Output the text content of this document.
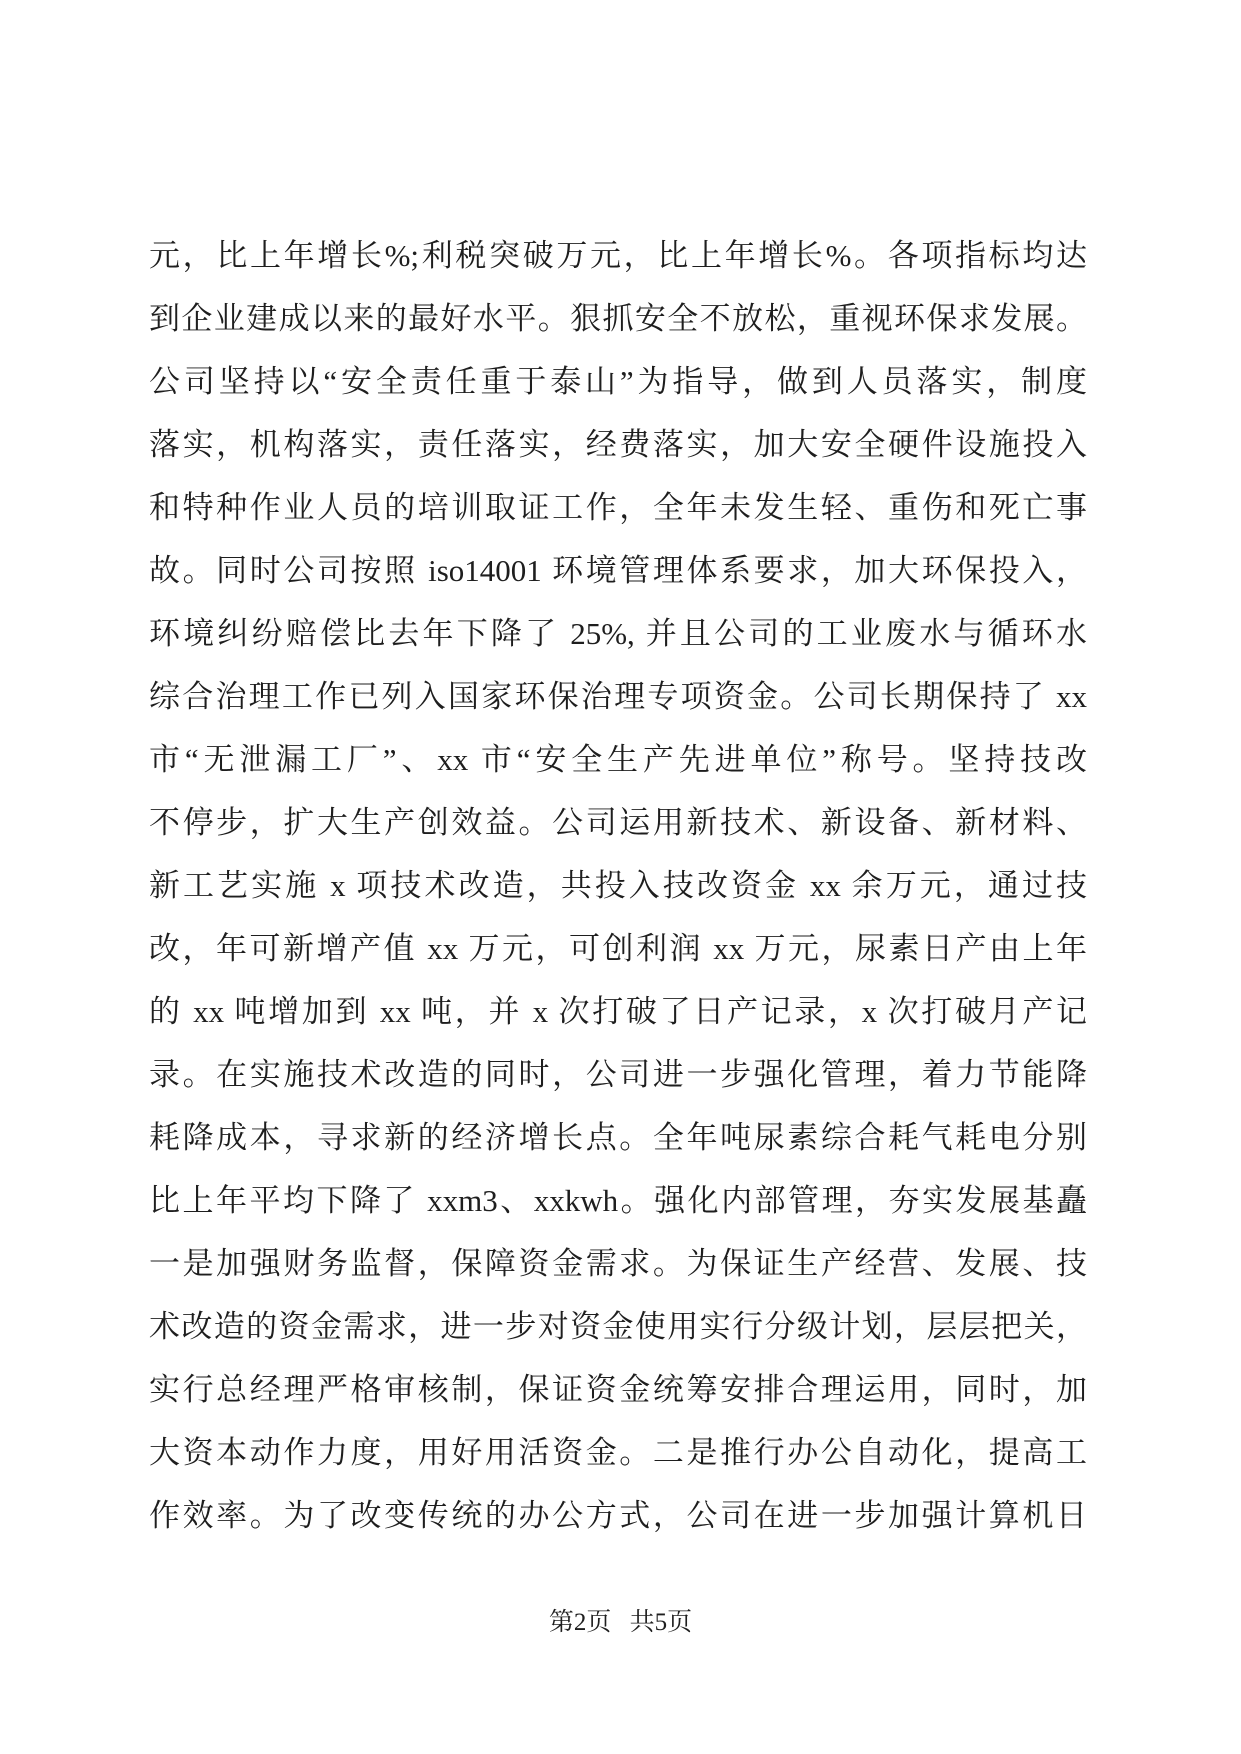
元，比上年增长%;利税突破万元，比上年增长%。各项指标均达
到企业建成以来的最好水平。狠抓安全不放松，重视环保求发展。
公司坚持以“安全责任重于泰山”为指导，做到人员落实，制度
落实，机构落实，责任落实，经费落实，加大安全硬件设施投入
和特种作业人员的培训取证工作，全年未发生轻、重伤和死亡事
故。同时公司按照 iso14001 环境管理体系要求，加大环保投入，
环境纠纷赔偿比去年下降了 25%, 并且公司的工业废水与循环水
综合治理工作已列入国家环保治理专项资金。公司长期保持了 xx
市“无泄漏工厂”、xx 市“安全生产先进单位”称号。坚持技改
不停步，扩大生产创效益。公司运用新技术、新设备、新材料、
新工艺实施 x 项技术改造，共投入技改资金 xx 余万元，通过技
改，年可新增产值 xx 万元，可创利润 xx 万元，尿素日产由上年
的 xx 吨增加到 xx 吨，并 x 次打破了日产记录，x 次打破月产记
录。在实施技术改造的同时，公司进一步强化管理，着力节能降
耗降成本，寻求新的经济增长点。全年吨尿素综合耗气耗电分别
比上年平均下降了 xxm3、xxkwh。强化内部管理，夯实发展基矗
一是加强财务监督，保障资金需求。为保证生产经营、发展、技
术改造的资金需求，进一步对资金使用实行分级计划，层层把关，
实行总经理严格审核制，保证资金统筹安排合理运用，同时，加
大资本动作力度，用好用活资金。二是推行办公自动化，提高工
作效率。为了改变传统的办公方式，公司在进一步加强计算机日
第2页 共5页
